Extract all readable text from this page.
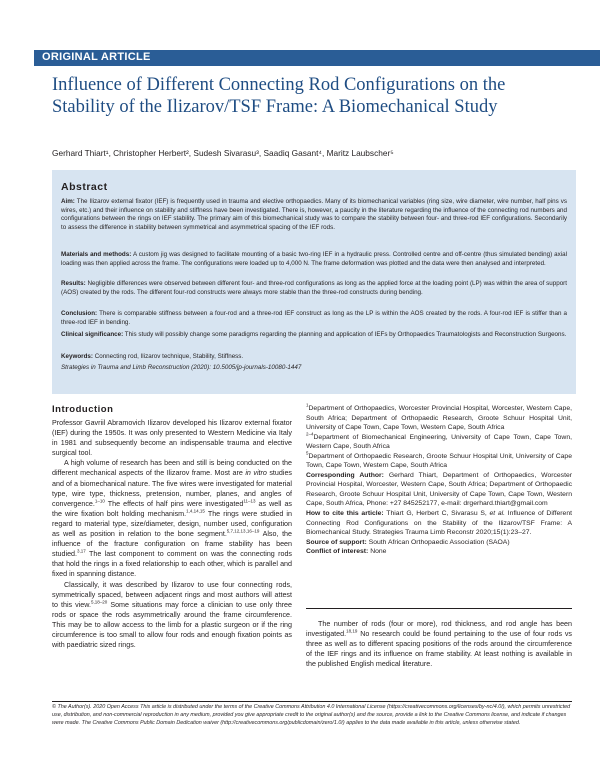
ORIGINAL ARTICLE
Influence of Different Connecting Rod Configurations on the Stability of the Ilizarov/TSF Frame: A Biomechanical Study
Gerhard Thiart¹, Christopher Herbert², Sudesh Sivarasu³, Saadiq Gasant⁴, Maritz Laubscher⁵
Abstract
Aim: The Ilizarov external fixator (IEF) is frequently used in trauma and elective orthopaedics. Many of its biomechanical variables (ring size, wire diameter, wire number, half pins vs wires, etc.) and their influence on stability and stiffness have been investigated. There is, however, a paucity in the literature regarding the influence of the connecting rod numbers and configurations between the rings on IEF stability. The primary aim of this biomechanical study was to compare the stability between four- and three-rod IEF configurations. Secondarily to assess the difference in stability between symmetrical and asymmetrical spacing of the IEF rods.
Materials and methods: A custom jig was designed to facilitate mounting of a basic two-ring IEF in a hydraulic press. Controlled centre and off-centre (thus simulated bending) axial loading was then applied across the frame. The configurations were loaded up to 4,000 N. The frame deformation was plotted and the data were then analysed and interpreted.
Results: Negligible differences were observed between different four- and three-rod configurations as long as the applied force at the loading point (LP) was within the area of support (AOS) created by the rods. The different four-rod constructs were always more stable than the three-rod constructs during bending.
Conclusion: There is comparable stiffness between a four-rod and a three-rod IEF construct as long as the LP is within the AOS created by the rods. A four-rod IEF is stiffer than a three-rod IEF in bending.
Clinical significance: This study will possibly change some paradigms regarding the planning and application of IEFs by Orthopaedics Traumatologists and Reconstruction Surgeons.
Keywords: Connecting rod, Ilizarov technique, Stability, Stiffness.
Strategies in Trauma and Limb Reconstruction (2020): 10.5005/jp-journals-10080-1447
Introduction

Professor Gavriil Abramovich Ilizarov developed his Ilizarov external fixator (IEF) during the 1950s. It was only presented to Western Medicine via Italy in 1981 and subsequently become an indispensable trauma and elective surgical tool.

A high volume of research has been and still is being conducted on the different mechanical aspects of the Ilizarov frame. Most are in vitro studies and of a biomechanical nature. The five wires were investigated for material type, wire type, thickness, pretension, number, planes, and angles of convergence.$^{1-10}$ The effects of half pins were investigated$^{11-13}$ as well as the wire fixation bolt holding mechanism.$^{1,4,14,15}$ The rings were studied in regard to material type, size/diameter, design, number used, configuration as well as position in relation to the bone segment.$^{5,7,12,13,16-19}$ Also, the influence of the fracture configuration on frame stability has been studied.$^{3,17}$ The last component to comment on was the connecting rods that hold the rings in a fixed relationship to each other, which is parallel and fixed in spanning distance.

Classically, it was described by Ilizarov to use four connecting rods, symmetrically spaced, between adjacent rings and most authors will attest to this view.$^{5,18-20}$ Some situations may force a clinician to use only three rods or space the rods asymmetrically around the frame circumference. This may be to allow access to the limb for a plastic surgeon or if the ring circumference is too small to allow four rods and enough fixation points as with paediatric sized rings.

$^1$Department of Orthopaedics, Worcester Provincial Hospital, Worcester, Western Cape, South Africa; Department of Orthopaedic Research, Groote Schuur Hospital Unit, University of Cape Town, Cape Town, Western Cape, South Africa

$^{2-4}$Department of Biomechanical Engineering, University of Cape Town, Cape Town, Western Cape, South Africa

$^5$Department of Orthopaedic Research, Groote Schuur Hospital Unit, University of Cape Town, Cape Town, Western Cape, South Africa

Corresponding Author: Gerhard Thiart, Department of Orthopaedics, Worcester Provincial Hospital, Worcester, Western Cape, South Africa; Department of Orthopaedic Research, Groote Schuur Hospital Unit, University of Cape Town, Cape Town, Western Cape, South Africa, Phone: +27 845252177, e-mail: drgerhard.thiart@gmail.com

How to cite this article: Thiart G, Herbert C, Sivarasu S, et al. Influence of Different Connecting Rod Configurations on the Stability of the Ilizarov/TSF Frame: A Biomechanical Study. Strategies Trauma Limb Reconstr 2020;15(1):23–27.

Source of support: South African Orthopaedic Association (SAOA)

Conflict of interest: None

The number of rods (four or more), rod thickness, and rod angle has been investigated.$^{18,19}$ No research could be found pertaining to the use of four rods vs three as well as to different spacing positions of the rods around the circumference of the IEF rings and its influence on frame stability. At least nothing is available in the published English medical literature.
© The Author(s). 2020 Open Access This article is distributed under the terms of the Creative Commons Attribution 4.0 International License (https://creativecommons.org/licenses/by-nc/4.0/), which permits unrestricted use, distribution, and non-commercial reproduction in any medium, provided you give appropriate credit to the original author(s) and the source, provide a link to the Creative Commons license, and indicate if changes were made. The Creative Commons Public Domain Dedication waiver (http://creativecommons.org/publicdomain/zero/1.0/) applies to the data made available in this article, unless otherwise stated.
